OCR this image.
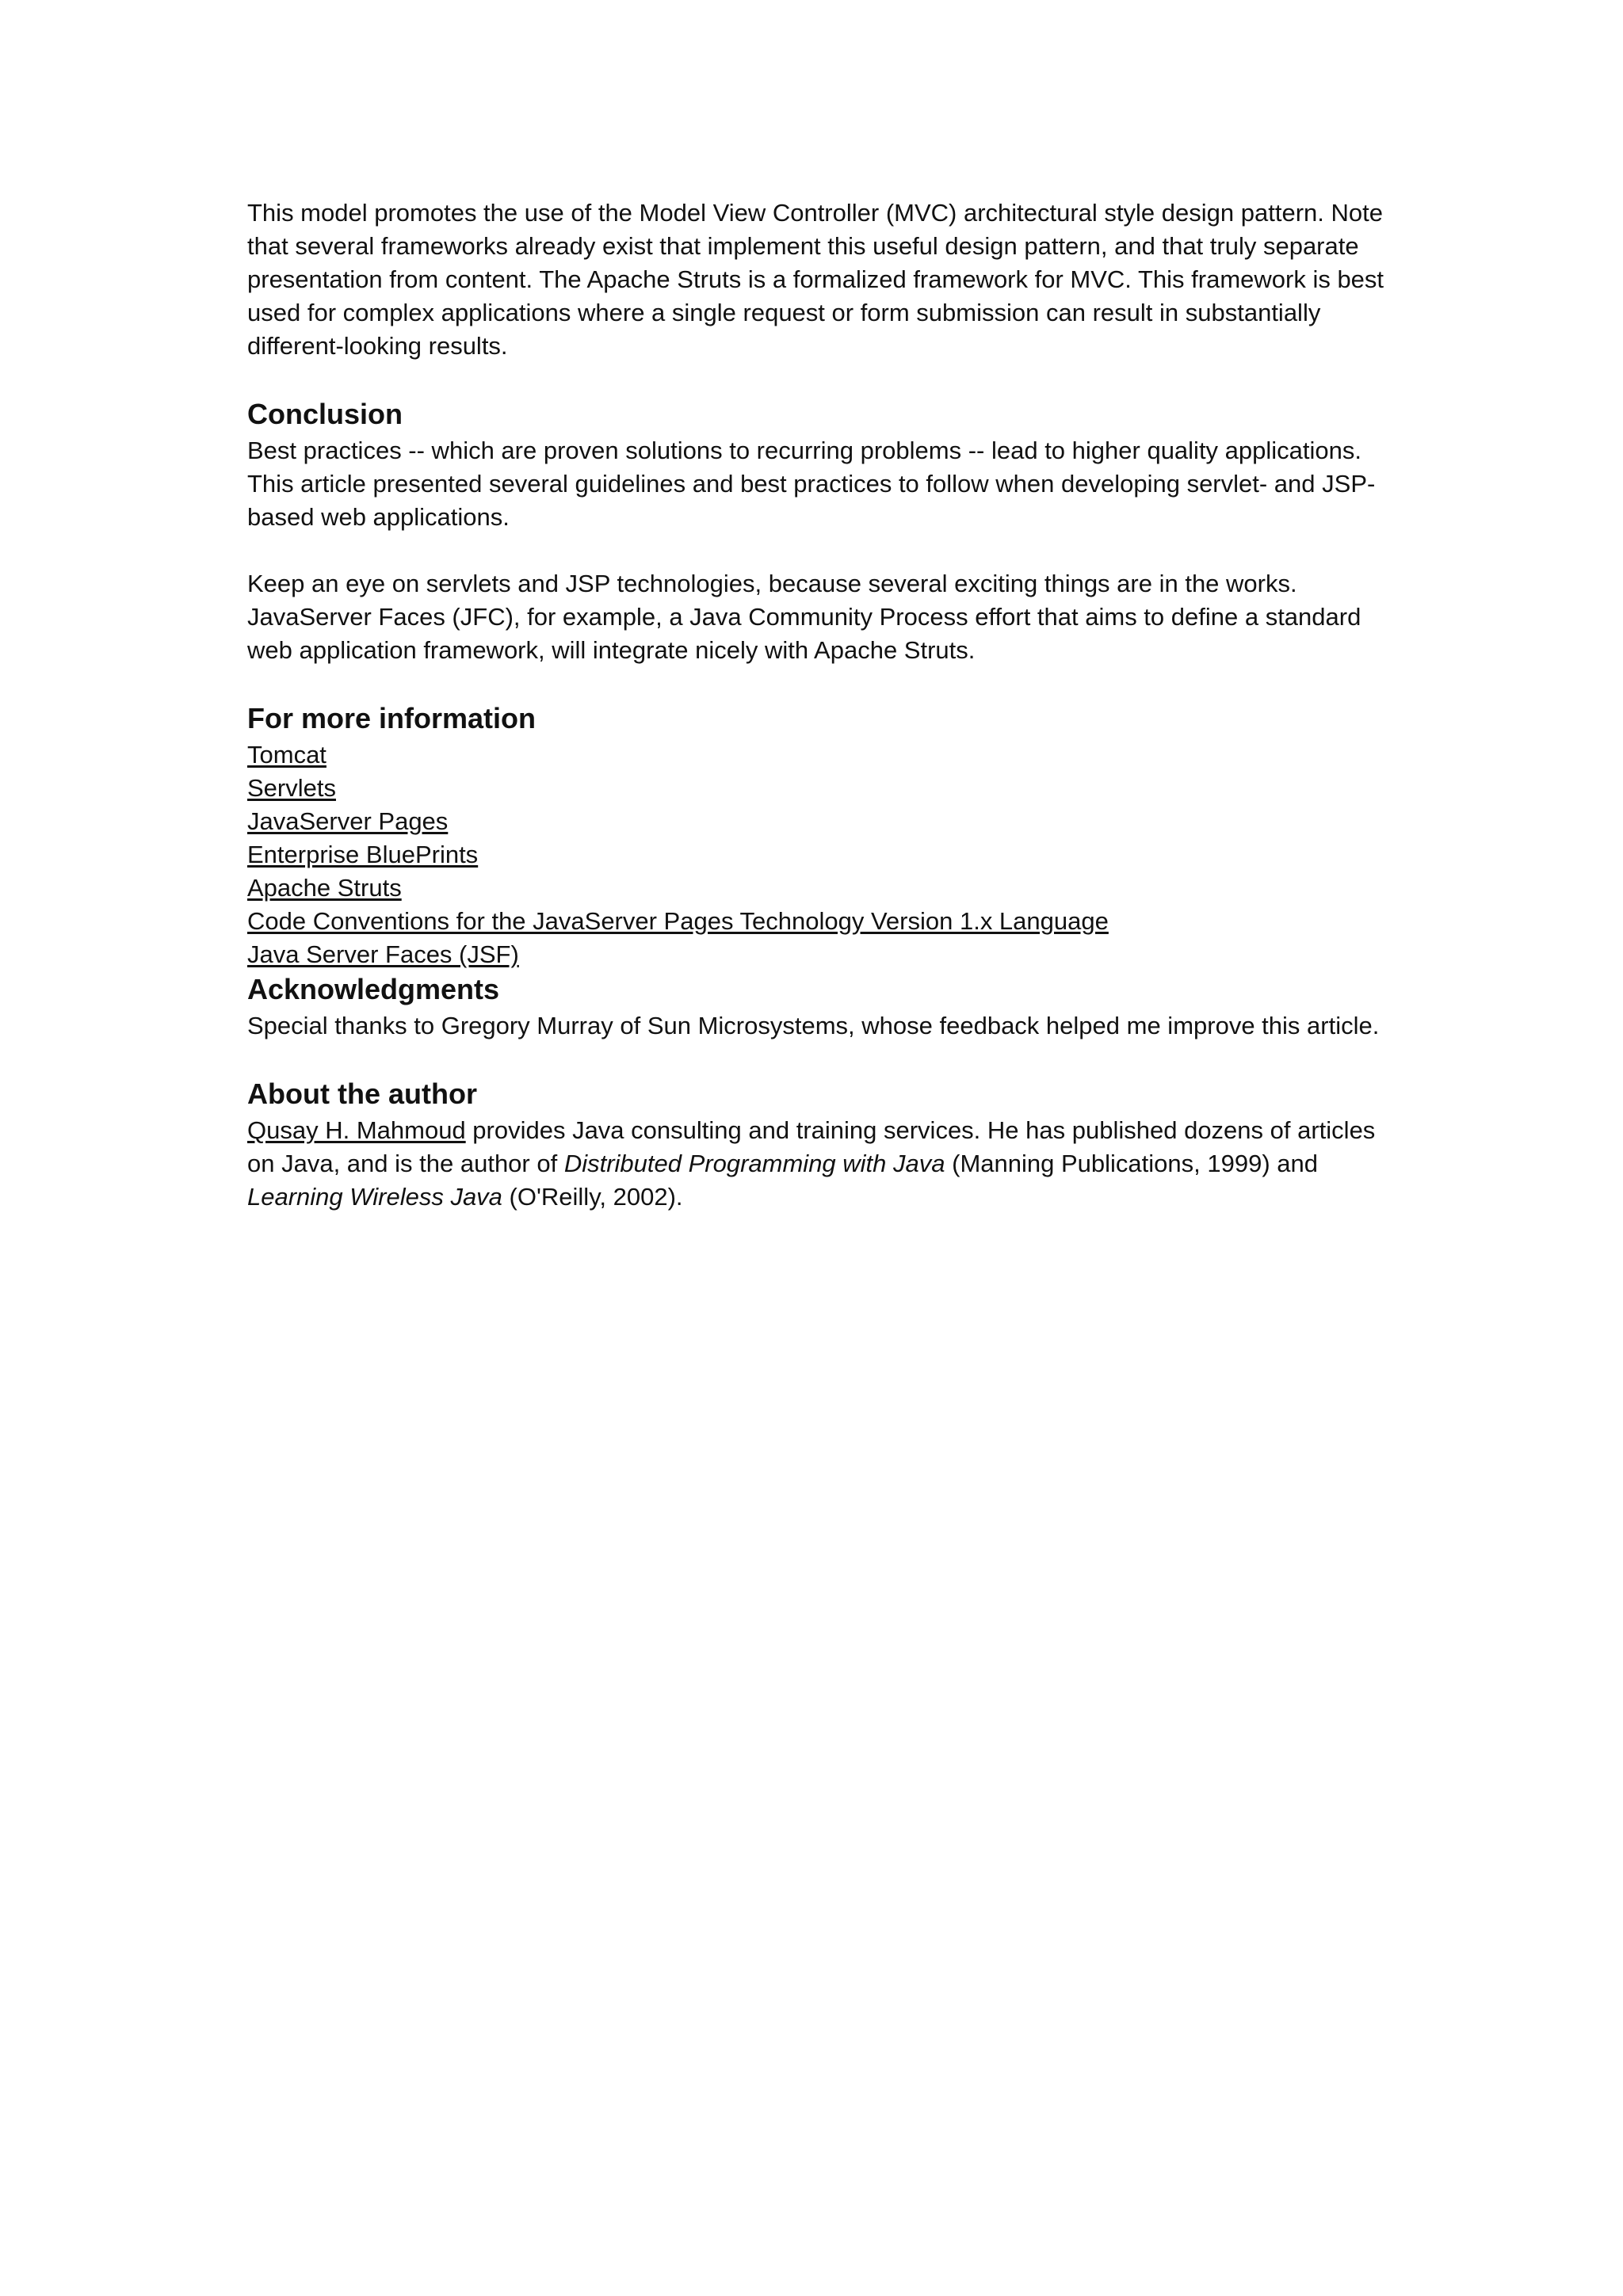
This model promotes the use of the Model View Controller (MVC) architectural style design pattern. Note that several frameworks already exist that implement this useful design pattern, and that truly separate presentation from content. The Apache Struts is a formalized framework for MVC. This framework is best used for complex applications where a single request or form submission can result in substantially different-looking results.

Conclusion

Best practices -- which are proven solutions to recurring problems -- lead to higher quality applications. This article presented several guidelines and best practices to follow when developing servlet- and JSP-based web applications.

Keep an eye on servlets and JSP technologies, because several exciting things are in the works. JavaServer Faces (JFC), for example, a Java Community Process effort that aims to define a standard web application framework, will integrate nicely with Apache Struts.

For more information
Tomcat
Servlets
JavaServer Pages
Enterprise BluePrints
Apache Struts
Code Conventions for the JavaServer Pages Technology Version 1.x Language
Java Server Faces (JSF)
Acknowledgments

Special thanks to Gregory Murray of Sun Microsystems, whose feedback helped me improve this article.

About the author

Qusay H. Mahmoud provides Java consulting and training services. He has published dozens of articles on Java, and is the author of Distributed Programming with Java (Manning Publications, 1999) and Learning Wireless Java (O'Reilly, 2002).
